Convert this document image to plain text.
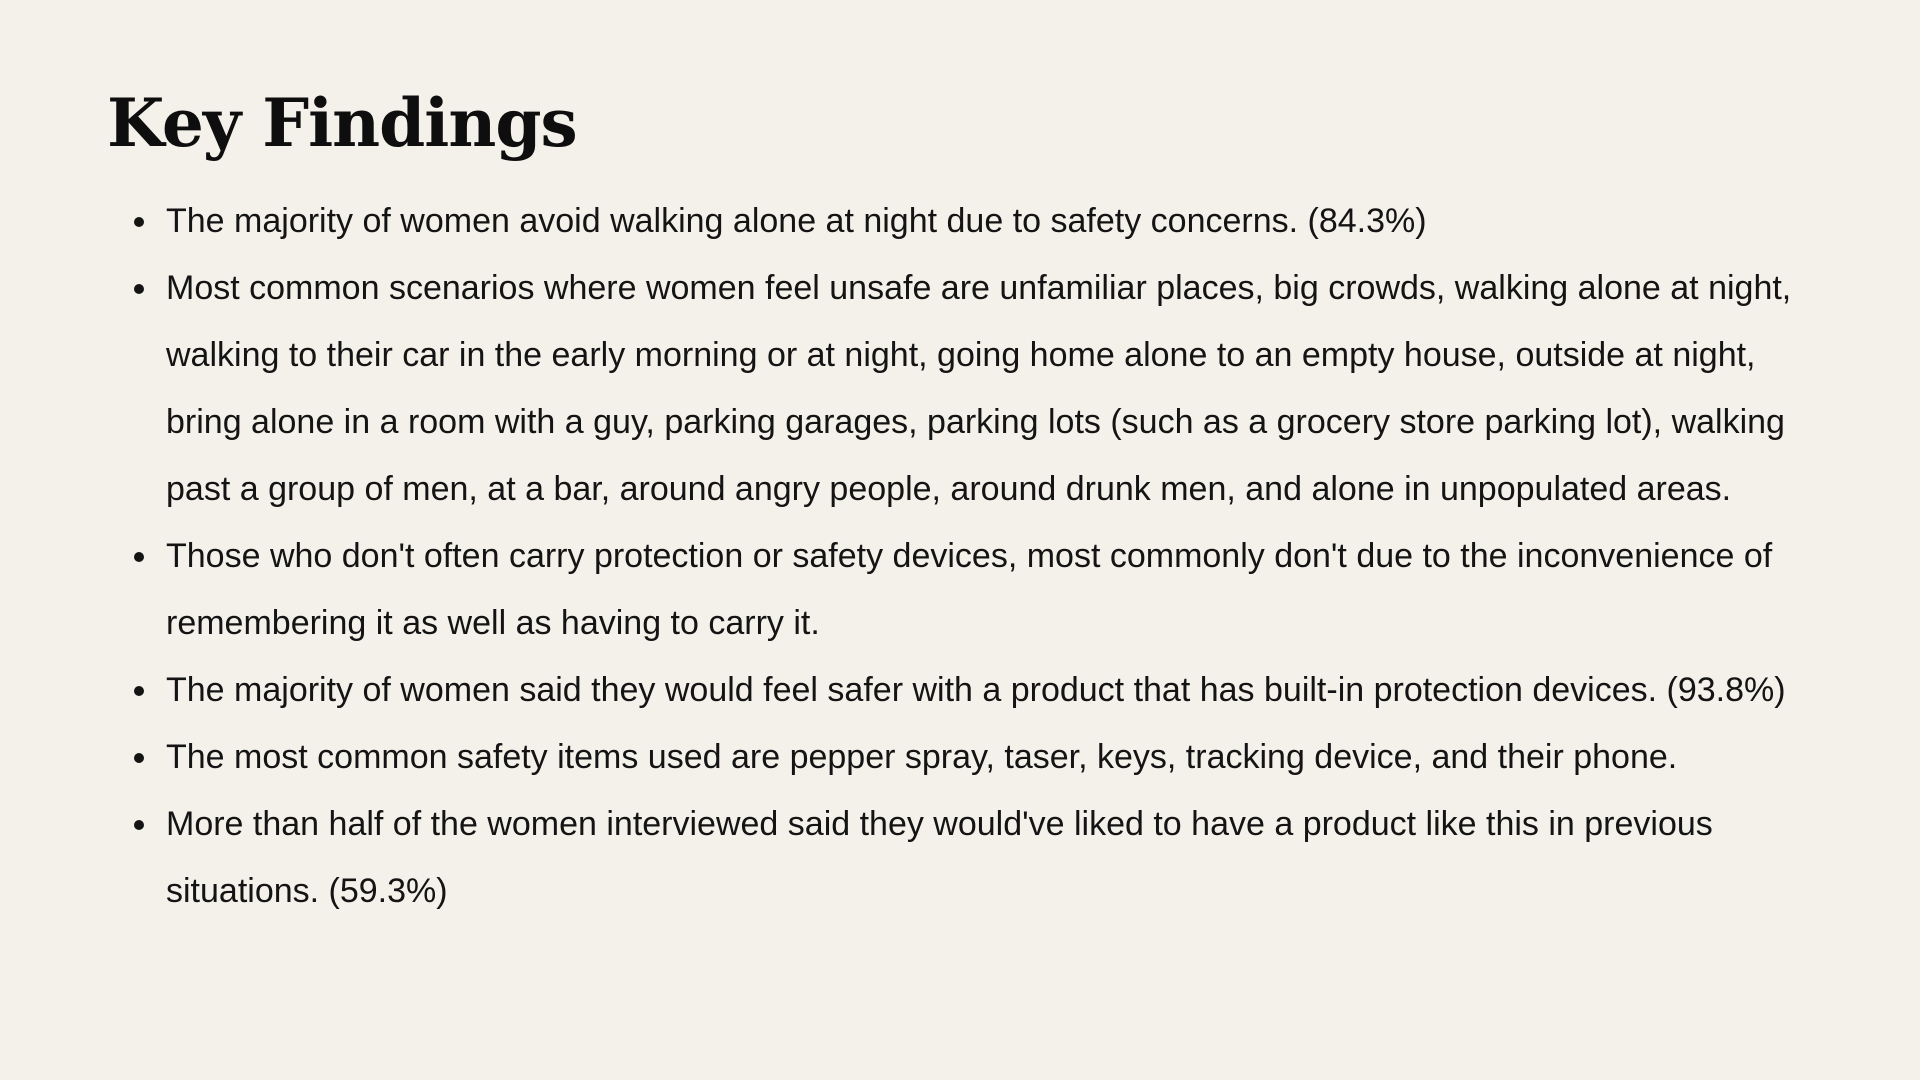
Key Findings
The majority of women avoid walking alone at night due to safety concerns. (84.3%)
Most common scenarios where women feel unsafe are unfamiliar places, big crowds, walking alone at night, walking to their car in the early morning or at night, going home alone to an empty house, outside at night, bring alone in a room with a guy, parking garages, parking lots (such as a grocery store parking lot), walking past a group of men, at a bar, around angry people, around drunk men, and alone in unpopulated areas.
Those who don't often carry protection or safety devices, most commonly don't due to the inconvenience of remembering it as well as having to carry it.
The majority of women said they would feel safer with a product that has built-in protection devices. (93.8%)
The most common safety items used are pepper spray, taser, keys, tracking device, and their phone.
More than half of the women interviewed said they would've liked to have a product like this in previous situations. (59.3%)
